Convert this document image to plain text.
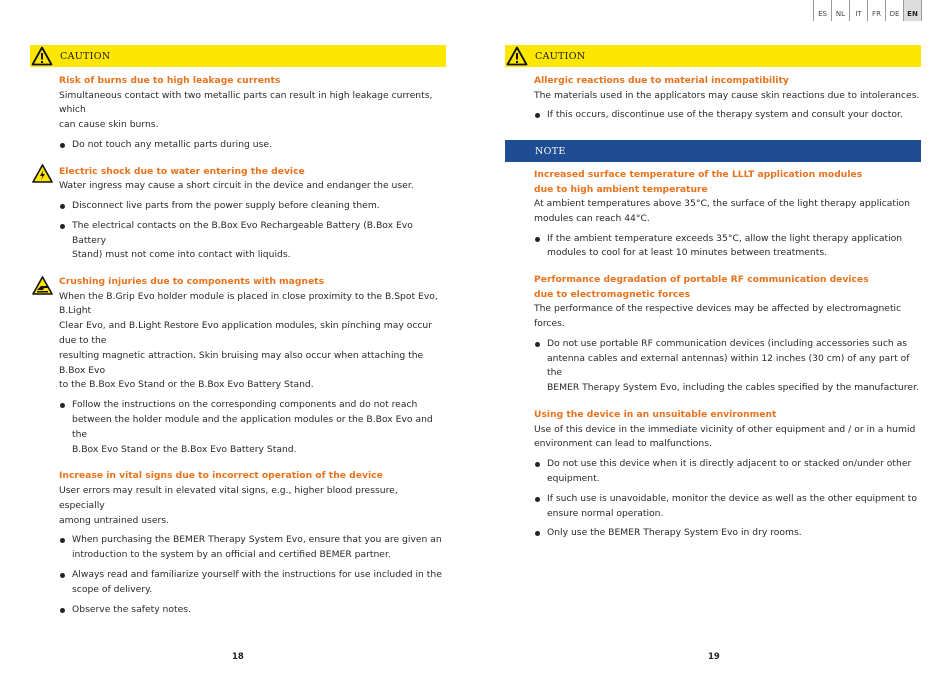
ES	NL	IT	FR	DE	EN
CAUTION
Risk of burns due to high leakage currents
Simultaneous contact with two metallic parts can result in high leakage currents, which
can cause skin burns.
Do not touch any metallic parts during use.
Electric shock due to water entering the device
Water ingress may cause a short circuit in the device and endanger the user.
Disconnect live parts from the power supply before cleaning them.
The electrical contacts on the B.Box Evo Rechargeable Battery (B.Box Evo Battery
Stand) must not come into contact with liquids.
Crushing injuries due to components with magnets
When the B.Grip Evo holder module is placed in close proximity to the B.Spot Evo, B.Light
Clear Evo, and B.Light Restore Evo application modules, skin pinching may occur due to the
resulting magnetic attraction. Skin bruising may also occur when attaching the B.Box Evo
to the B.Box Evo Stand or the B.Box Evo Battery Stand.
Follow the instructions on the corresponding components and do not reach
between the holder module and the application modules or the B.Box Evo and the
B.Box Evo Stand or the B.Box Evo Battery Stand.
Increase in vital signs due to incorrect operation of the device
User errors may result in elevated vital signs, e.g., higher blood pressure, especially
among untrained users.
When purchasing the BEMER Therapy System Evo, ensure that you are given an
introduction to the system by an official and certified BEMER partner.
Always read and familiarize yourself with the instructions for use included in the
scope of delivery.
Observe the safety notes.
18
CAUTION
Allergic reactions due to material incompatibility
The materials used in the applicators may cause skin reactions due to intolerances.
If this occurs, discontinue use of the therapy system and consult your doctor.
NOTE
Increased surface temperature of the LLLT application modules
due to high ambient temperature
At ambient temperatures above 35°C, the surface of the light therapy application
modules can reach 44°C.
If the ambient temperature exceeds 35°C, allow the light therapy application
modules to cool for at least 10 minutes between treatments.
Performance degradation of portable RF communication devices
due to electromagnetic forces
The performance of the respective devices may be affected by electromagnetic forces.
Do not use portable RF communication devices (including accessories such as
antenna cables and external antennas) within 12 inches (30 cm) of any part of the
BEMER Therapy System Evo, including the cables specified by the manufacturer.
Using the device in an unsuitable environment
Use of this device in the immediate vicinity of other equipment and / or in a humid
environment can lead to malfunctions.
Do not use this device when it is directly adjacent to or stacked on/under other
equipment.
If such use is unavoidable, monitor the device as well as the other equipment to
ensure normal operation.
Only use the BEMER Therapy System Evo in dry rooms.
19
